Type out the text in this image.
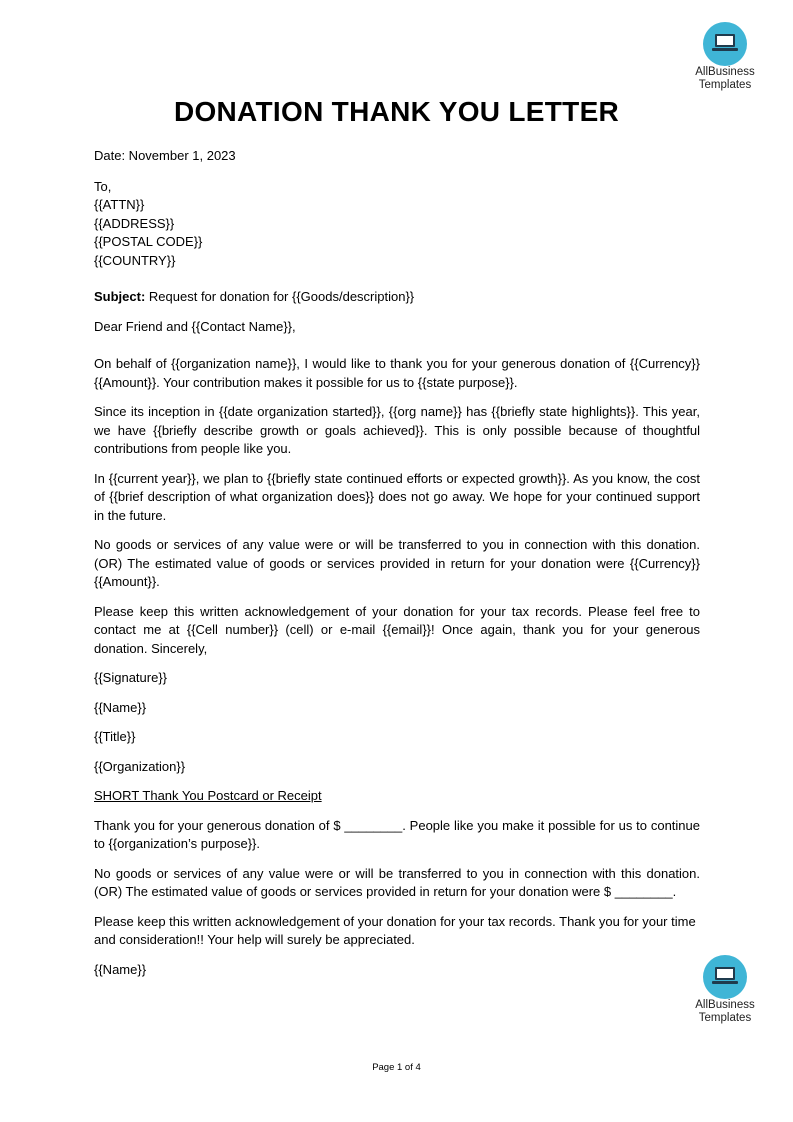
AllBusiness
Templates
DONATION THANK YOU LETTER

Date: November 1, 2023

To,

{{ATTN}}

{{ADDRESS}}

{{POSTAL CODE}}

{{COUNTRY}}

Subject: Request for donation for {{Goods/description}}

Dear Friend and {{Contact Name}},

On behalf of {{organization name}}, I would like to thank you for your generous donation of {{Currency}}{{Amount}}. Your contribution makes it possible for us to {{state purpose}}.

Since its inception in {{date organization started}}, {{org name}} has {{briefly state highlights}}. This year, we have {{briefly describe growth or goals achieved}}. This is only possible because of thoughtful contributions from people like you.

In {{current year}}, we plan to {{briefly state continued efforts or expected growth}}. As you know, the cost of {{brief description of what organization does}} does not go away. We hope for your continued support in the future.

No goods or services of any value were or will be transferred to you in connection with this donation. (OR) The estimated value of goods or services provided in return for your donation were {{Currency}}{{Amount}}.

Please keep this written acknowledgement of your donation for your tax records. Please feel free to contact me at {{Cell number}} (cell) or e-mail {{email}}! Once again, thank you for your generous donation. Sincerely,

{{Signature}}

{{Name}}

{{Title}}

{{Organization}}

SHORT Thank You Postcard or Receipt

Thank you for your generous donation of $ ________. People like you make it possible for us to continue to {{organization’s purpose}}.

No goods or services of any value were or will be transferred to you in connection with this donation. (OR) The estimated value of goods or services provided in return for your donation were $ ________.

Please keep this written acknowledgement of your donation for your tax records. Thank you for your time and consideration!! Your help will surely be appreciated.

{{Name}}

AllBusiness
Templates
Page 1 of 4
